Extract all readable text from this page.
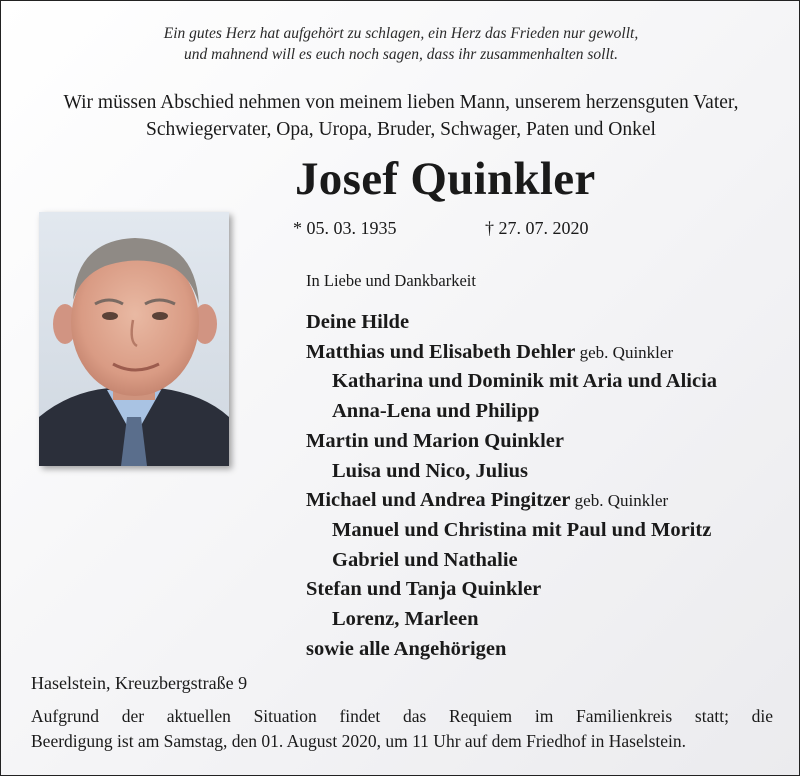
Ein gutes Herz hat aufgehört zu schlagen, ein Herz das Frieden nur gewollt,
und mahnend will es euch noch sagen, dass ihr zusammenhalten sollt.
Wir müssen Abschied nehmen von meinem lieben Mann, unserem herzensguten Vater,
Schwiegervater, Opa, Uropa, Bruder, Schwager, Paten und Onkel
Josef Quinkler
* 05. 03. 1935	† 27. 07. 2020
In Liebe und Dankbarkeit
Deine Hilde
Matthias und Elisabeth Dehler geb. Quinkler
Katharina und Dominik mit Aria und Alicia
Anna-Lena und Philipp
Martin und Marion Quinkler
Luisa und Nico, Julius
Michael und Andrea Pingitzer geb. Quinkler
Manuel und Christina mit Paul und Moritz
Gabriel und Nathalie
Stefan und Tanja Quinkler
Lorenz, Marleen
sowie alle Angehörigen
Haselstein, Kreuzbergstraße 9
Aufgrund der aktuellen Situation findet das Requiem im Familienkreis statt; die
Beerdigung ist am Samstag, den 01. August 2020, um 11 Uhr auf dem Friedhof in Haselstein.
